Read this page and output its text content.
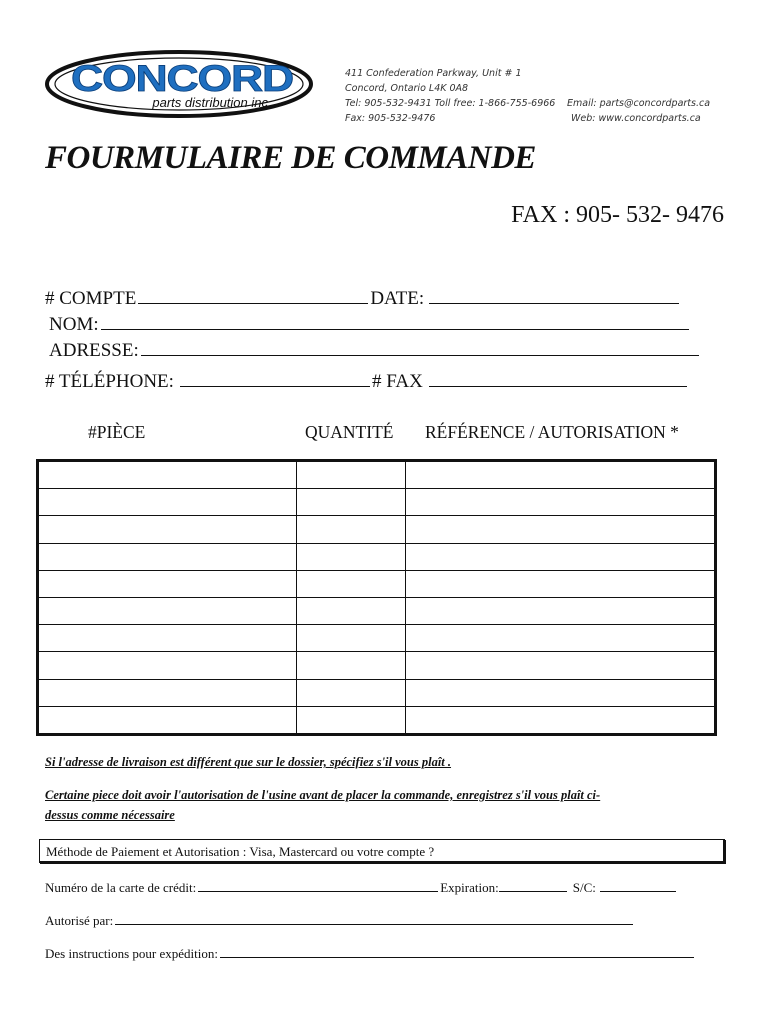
CONCORD
parts distribution inc.
411 Confederation Parkway, Unit # 1
Concord, Ontario L4K 0A8
Tel: 905-532-9431 Toll free: 1-866-755-6966 Email: parts@concordparts.ca
Fax: 905-532-9476	Web: www.concordparts.ca
FOURMULAIRE DE COMMANDE
FAX : 905- 532- 9476
# COMPTE	DATE:
NOM:
ADRESSE:
# TÉLÉPHONE:	# FAX
#PIÈCE	QUANTITÉ RÉFÉRENCE / AUTORISATION *

Si l'adresse de livraison est différent que sur le dossier, spécifiez s'il vous plaît .
Certaine piece doit avoir l'autorisation de l'usine avant de placer la commande, enregistrez s'il vous plaît ci-
dessus comme nécessaire
Méthode de Paiement et Autorisation : Visa, Mastercard ou votre compte ?
Numéro de la carte de crédit:	Expiration:	S/C:
Autorisé par:
Des instructions pour expédition:
